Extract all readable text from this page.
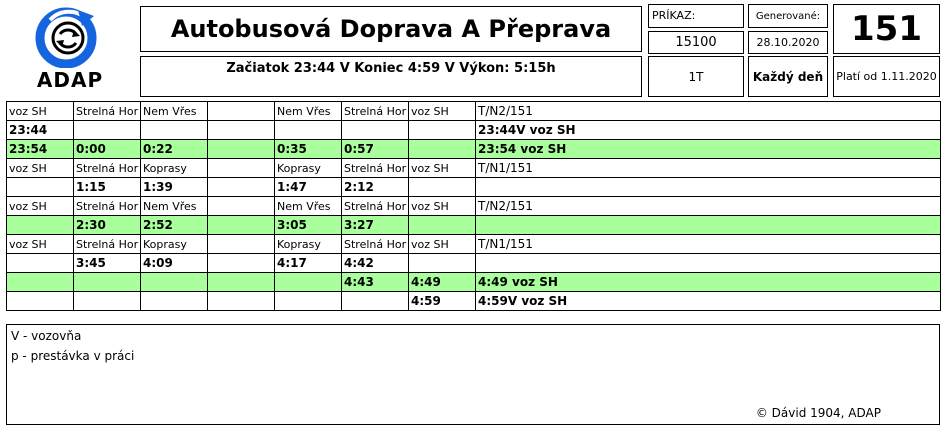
ADAP
Autobusová Doprava A Přeprava
Začiatok 23:44 V Koniec 4:59 V Výkon: 5:15h
PRÍKAZ:
15100
Generované:
28.10.2020 151
1T	Každý deň	Platí od 1.11.2020
voz SH	Strelná Hor	Nem Vřes		Nem Vřes	Strelná Hor	voz SH	T/N2/151
23:44							23:44V voz SH
23:54	0:00	0:22		0:35	0:57		23:54 voz SH
voz SH	Strelná Hor	Koprasy		Koprasy	Strelná Hor	voz SH	T/N1/151
	1:15	1:39		1:47	2:12		
voz SH	Strelná Hor	Nem Vřes		Nem Vřes	Strelná Hor	voz SH	T/N2/151
	2:30	2:52		3:05	3:27		
voz SH	Strelná Hor	Koprasy		Koprasy	Strelná Hor	voz SH	T/N1/151
	3:45	4:09		4:17	4:42		
					4:43	4:49	4:49 voz SH
						4:59	4:59V voz SH
V - vozovňa
p - prestávka v práci
© Dávid 1904, ADAP
